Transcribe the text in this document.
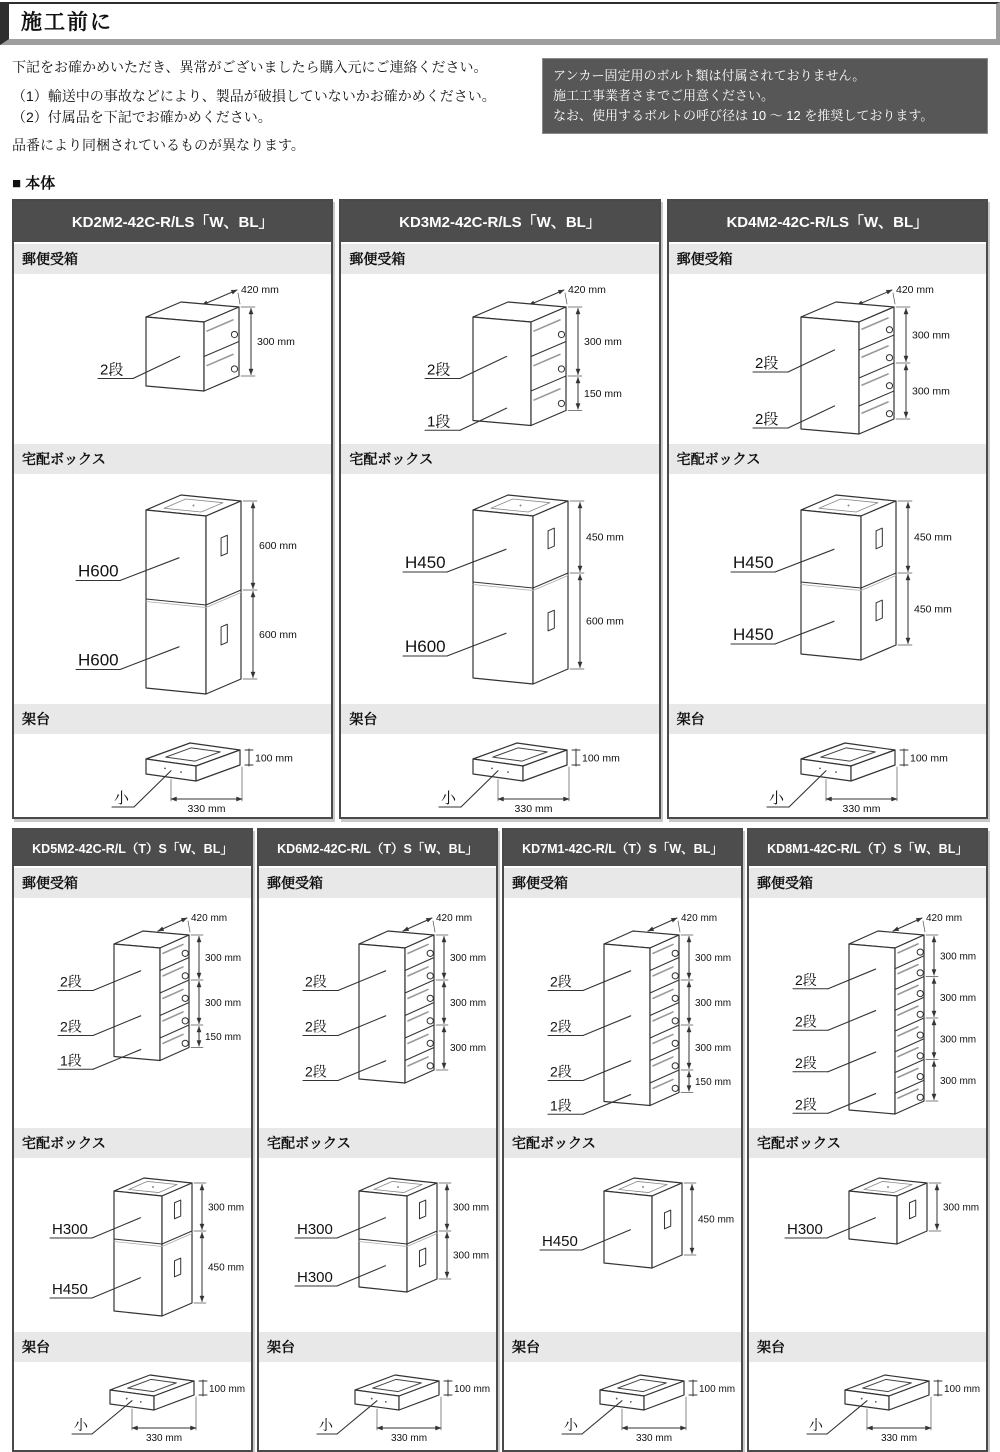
施工前に

下記をお確かめいただき、異常がございましたら購入元にご連絡ください。

（1）輸送中の事故などにより、製品が破損していないかお確かめください。

（2）付属品を下記でお確かめください。

品番により同梱されているものが異なります。

アンカー固定用のボルト類は付属されておりません。
施工工事業者さまでご用意ください。
なお、使用するボルトの呼び径は 10 ～ 12 を推奨しております。
■ 本体
KD2M2-42C-R/LS「W、BL」
郵便受箱
420 mm
300 mm
2段
宅配ボックス
600 mm
600 mm
H600
H600
架台
小
100 mm
330 mm
KD3M2-42C-R/LS「W、BL」
郵便受箱
420 mm
300 mm
150 mm
2段
1段
宅配ボックス
450 mm
600 mm
H450
H600
架台
小
100 mm
330 mm
KD4M2-42C-R/LS「W、BL」
郵便受箱
420 mm
300 mm
300 mm
2段
2段
宅配ボックス
450 mm
450 mm
H450
H450
架台
小
100 mm
330 mm
KD5M2-42C-R/L（T）S「W、BL」
郵便受箱
420 mm
300 mm
300 mm
150 mm
2段
2段
1段
宅配ボックス
300 mm
450 mm
H300
H450
架台
小
100 mm
330 mm
KD6M2-42C-R/L（T）S「W、BL」
郵便受箱
420 mm
300 mm
300 mm
300 mm
2段
2段
2段
宅配ボックス
300 mm
300 mm
H300
H300
架台
小
100 mm
330 mm
KD7M1-42C-R/L（T）S「W、BL」
郵便受箱
420 mm
300 mm
300 mm
300 mm
150 mm
2段
2段
2段
1段
宅配ボックス
450 mm
H450
架台
小
100 mm
330 mm
KD8M1-42C-R/L（T）S「W、BL」
郵便受箱
420 mm
300 mm
300 mm
300 mm
300 mm
2段
2段
2段
2段
宅配ボックス
300 mm
H300
架台
小
100 mm
330 mm
